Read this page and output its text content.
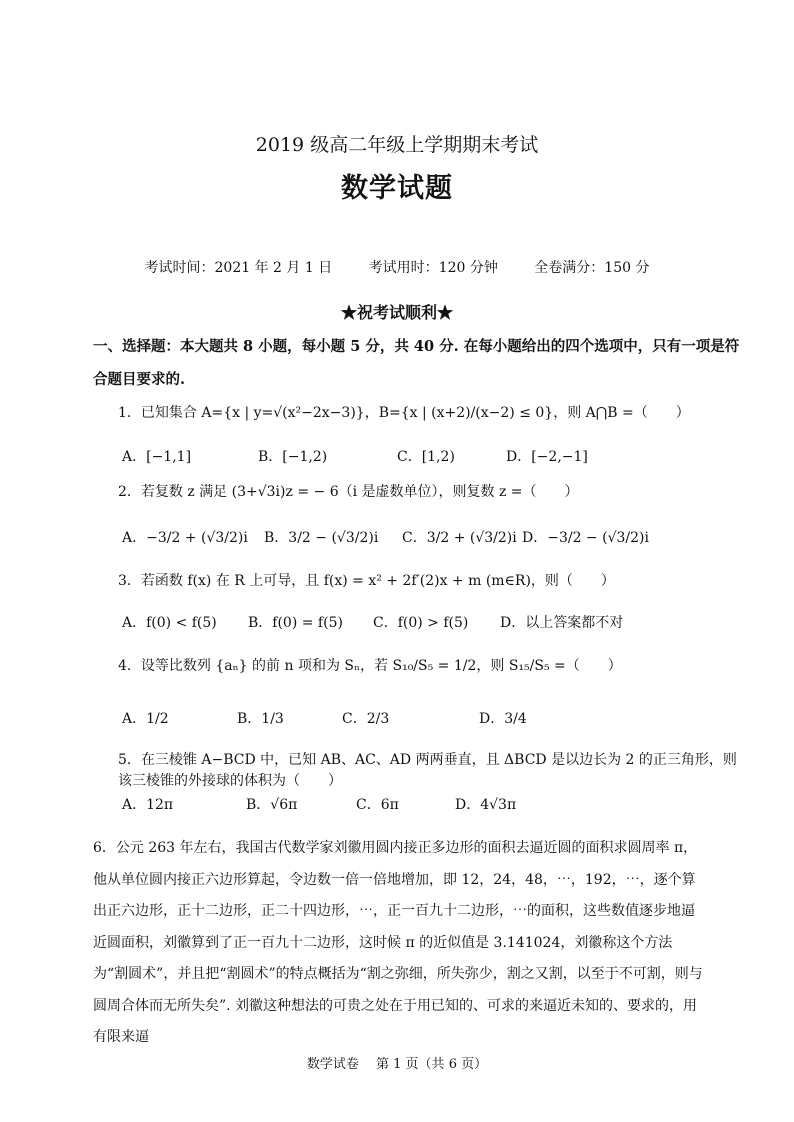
2019 级高二年级上学期期末考试
数学试题
考试时间：2021 年 2 月 1 日	考试用时：120 分钟	全卷满分：150 分
★祝考试顺利★
一、选择题：本大题共 8 小题，每小题 5 分，共 40 分. 在每小题给出的四个选项中，只有一项是符
合题目要求的.
1．已知集合 A={x | y=√(x²−2x−3)}，B={x | (x+2)/(x−2) ≤ 0}，则 A⋂B =（　　）
A．[−1,1]	B．[−1,2)	C．[1,2)	D．[−2,−1]
2．若复数 z 满足 (3+√3i)z = − 6（i 是虚数单位），则复数 z =（　　）
A．−3/2 + (√3/2)i B．3/2 − (√3/2)i C．3/2 + (√3/2)i D．−3/2 − (√3/2)i
3．若函数 f(x) 在 R 上可导，且 f(x) = x² + 2f′(2)x + m (m∈R)，则（　　）
A．f(0) < f(5) B．f(0) = f(5) C．f(0) > f(5) D．以上答案都不对
4．设等比数列 {aₙ} 的前 n 项和为 Sₙ，若 S₁₀/S₅ = 1/2，则 S₁₅/S₅ =（　　）
A．1/2	B．1/3	C．2/3	D．3/4
5．在三棱锥 A−BCD 中，已知 AB、AC、AD 两两垂直，且 ΔBCD 是以边长为 2 的正三角形，则
该三棱锥的外接球的体积为（　　）
A．12π	B．√6π	C．6π	D．4√3π
6．公元 263 年左右，我国古代数学家刘徽用圆内接正多边形的面积去逼近圆的面积求圆周率 π，他从单位圆内接正六边形算起，令边数一倍一倍地增加，即 12，24，48，⋯，192，⋯，逐个算出正六边形，正十二边形，正二十四边形，⋯，正一百九十二边形，⋯的面积，这些数值逐步地逼近圆面积，刘徽算到了正一百九十二边形，这时候 π 的近似值是 3.141024，刘徽称这个方法为“割圆术”，并且把“割圆术”的特点概括为“割之弥细，所失弥少，割之又割，以至于不可割，则与圆周合体而无所失矣”. 刘徽这种想法的可贵之处在于用已知的、可求的来逼近未知的、要求的，用有限来逼
数学试卷　 第 1 页（共 6 页）
